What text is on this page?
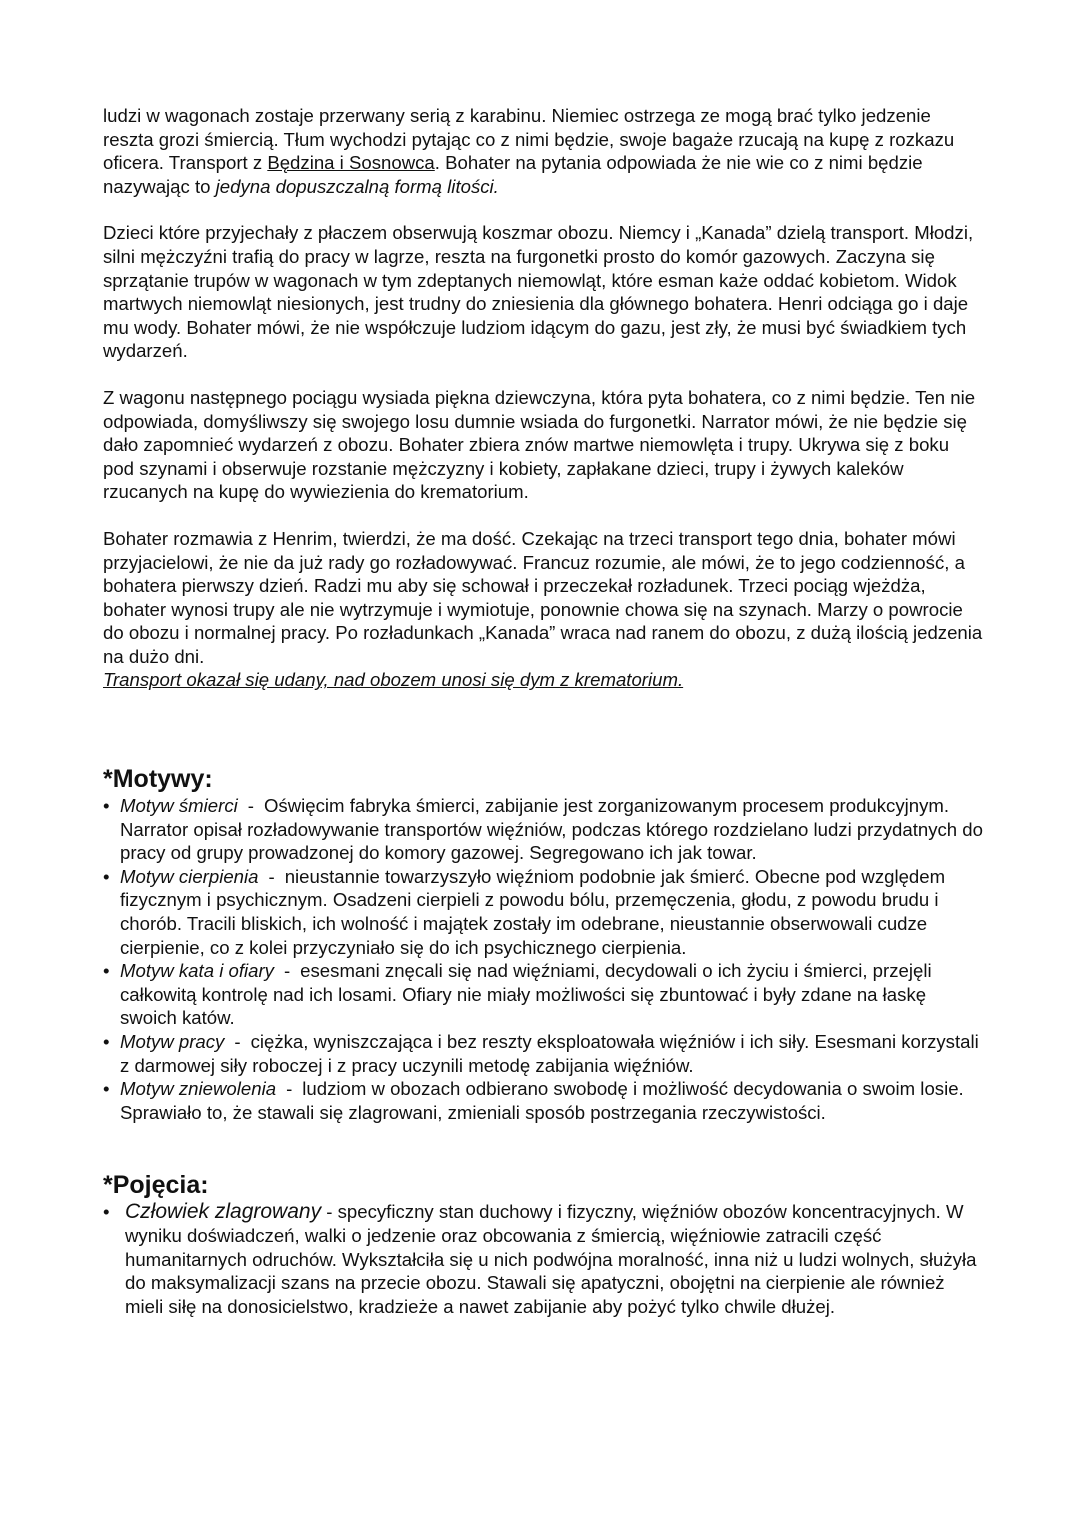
ludzi w wagonach zostaje przerwany serią z karabinu. Niemiec ostrzega ze mogą brać tylko jedzenie reszta grozi śmiercią. Tłum wychodzi pytając co z nimi będzie, swoje bagaże rzucają na kupę z rozkazu oficera. Transport z Będzina i Sosnowca. Bohater na pytania odpowiada że nie wie co z nimi będzie nazywając to jedyna dopuszczalną formą litości.

Dzieci które przyjechały z płaczem obserwują koszmar obozu. Niemcy i „Kanada” dzielą transport. Młodzi, silni mężczyźni trafią do pracy w lagrze, reszta na furgonetki prosto do komór gazowych. Zaczyna się sprzątanie trupów w wagonach w tym zdeptanych niemowląt, które esman każe oddać kobietom. Widok martwych niemowląt niesionych, jest trudny do zniesienia dla głównego bohatera. Henri odciąga go i daje mu wody. Bohater mówi, że nie współczuje ludziom idącym do gazu, jest zły, że musi być świadkiem tych wydarzeń.

Z wagonu następnego pociągu wysiada piękna dziewczyna, która pyta bohatera, co z nimi będzie. Ten nie odpowiada, domyśliwszy się swojego losu dumnie wsiada do furgonetki. Narrator mówi, że nie będzie się dało zapomnieć wydarzeń z obozu. Bohater zbiera znów martwe niemowlęta i trupy. Ukrywa się z boku pod szynami i obserwuje rozstanie mężczyzny i kobiety, zapłakane dzieci, trupy i żywych kaleków rzucanych na kupę do wywiezienia do krematorium.

Bohater rozmawia z Henrim, twierdzi, że ma dość. Czekając na trzeci transport tego dnia, bohater mówi przyjacielowi, że nie da już rady go rozładowywać. Francuz rozumie, ale mówi, że to jego codzienność, a bohatera pierwszy dzień. Radzi mu aby się schował i przeczekał rozładunek. Trzeci pociąg wjeżdża, bohater wynosi trupy ale nie wytrzymuje i wymiotuje, ponownie chowa się na szynach. Marzy o powrocie do obozu i normalnej pracy. Po rozładunkach „Kanada” wraca nad ranem do obozu, z dużą ilością jedzenia na dużo dni.
Transport okazał się udany, nad obozem unosi się dym z krematorium.

*Motywy:
• Motyw śmierci - Oświęcim fabryka śmierci, zabijanie jest zorganizowanym procesem produkcyjnym. Narrator opisał rozładowywanie transportów więźniów, podczas którego rozdzielano ludzi przydatnych do pracy od grupy prowadzonej do komory gazowej. Segregowano ich jak towar.
• Motyw cierpienia - nieustannie towarzyszyło więźniom podobnie jak śmierć. Obecne pod względem fizycznym i psychicznym. Osadzeni cierpieli z powodu bólu, przemęczenia, głodu, z powodu brudu i chorób. Tracili bliskich, ich wolność i majątek zostały im odebrane, nieustannie obserwowali cudze cierpienie, co z kolei przyczyniało się do ich psychicznego cierpienia.
• Motyw kata i ofiary - esesmani znęcali się nad więźniami, decydowali o ich życiu i śmierci, przejęli całkowitą kontrolę nad ich losami. Ofiary nie miały możliwości się zbuntować i były zdane na łaskę swoich katów.
• Motyw pracy - ciężka, wyniszczająca i bez reszty eksploatowała więźniów i ich siły. Esesmani korzystali z darmowej siły roboczej i z pracy uczynili metodę zabijania więźniów.
• Motyw zniewolenia - ludziom w obozach odbierano swobodę i możliwość decydowania o swoim losie. Sprawiało to, że stawali się zlagrowani, zmieniali sposób postrzegania rzeczywistości.
*Pojęcia:
• Człowiek zlagrowany - specyficzny stan duchowy i fizyczny, więźniów obozów koncentracyjnych. W wyniku doświadczeń, walki o jedzenie oraz obcowania z śmiercią, więźniowie zatracili część humanitarnych odruchów. Wykształciła się u nich podwójna moralność, inna niż u ludzi wolnych, służyła do maksymalizacji szans na przecie obozu. Stawali się apatyczni, obojętni na cierpienie ale również mieli siłę na donosicielstwo, kradzieże a nawet zabijanie aby pożyć tylko chwile dłużej.
